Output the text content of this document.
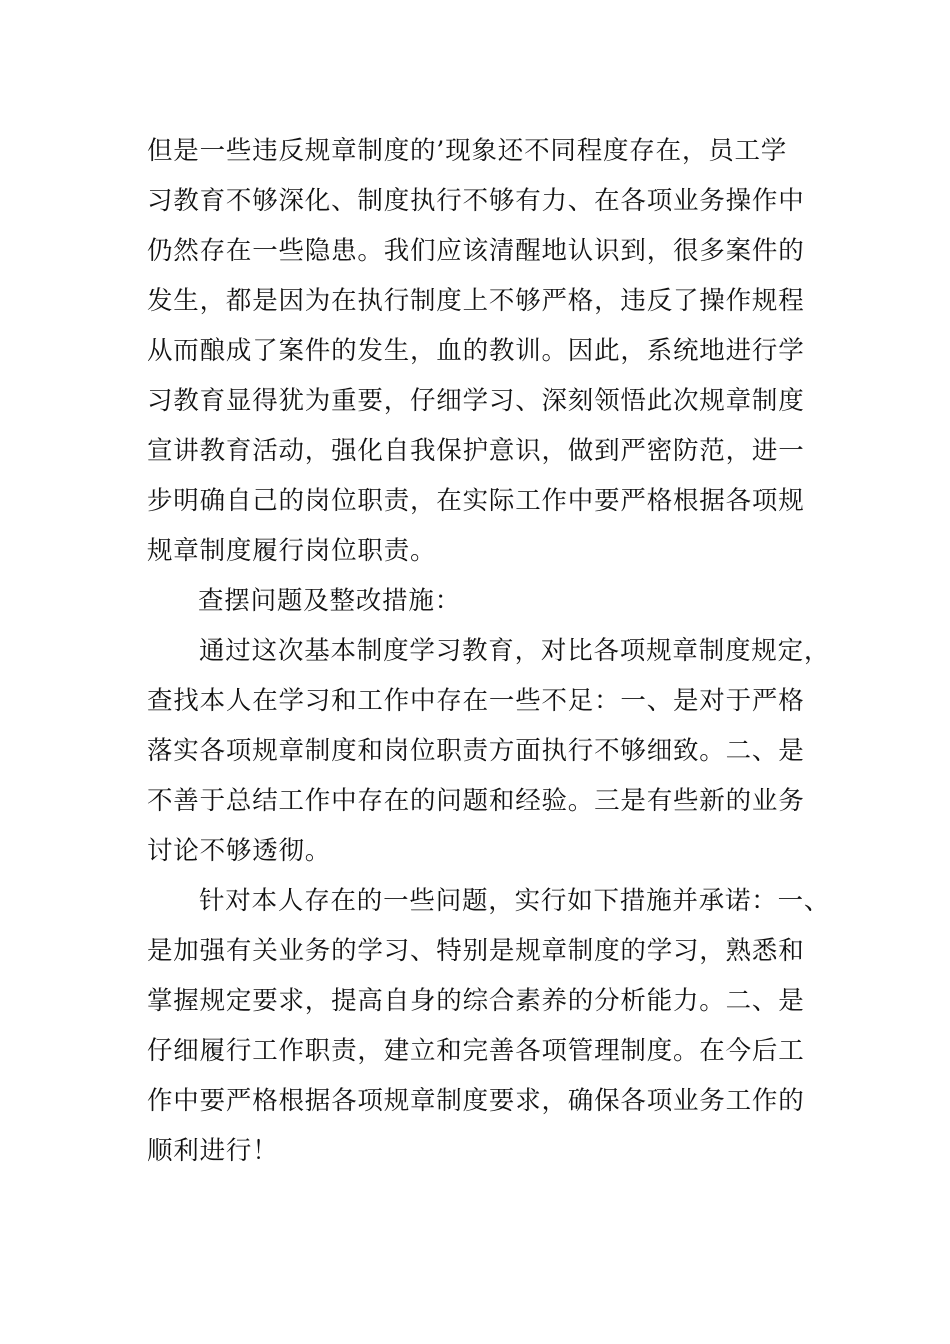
但是一些违反规章制度的’现象还不同程度存在，员工学
习教育不够深化、制度执行不够有力、在各项业务操作中
仍然存在一些隐患。我们应该清醒地认识到，很多案件的
发生，都是因为在执行制度上不够严格，违反了操作规程
从而酿成了案件的发生，血的教训。因此，系统地进行学
习教育显得犹为重要，仔细学习、深刻领悟此次规章制度
宣讲教育活动，强化自我保护意识，做到严密防范，进一
步明确自己的岗位职责，在实际工作中要严格根据各项规
规章制度履行岗位职责。
查摆问题及整改措施：
通过这次基本制度学习教育，对比各项规章制度规定，
查找本人在学习和工作中存在一些不足：一、是对于严格
落实各项规章制度和岗位职责方面执行不够细致。二、是
不善于总结工作中存在的问题和经验。三是有些新的业务
讨论不够透彻。
针对本人存在的一些问题，实行如下措施并承诺：一、
是加强有关业务的学习、特别是规章制度的学习，熟悉和
掌握规定要求，提高自身的综合素养的分析能力。二、是
仔细履行工作职责，建立和完善各项管理制度。在今后工
作中要严格根据各项规章制度要求，确保各项业务工作的
顺利进行！
